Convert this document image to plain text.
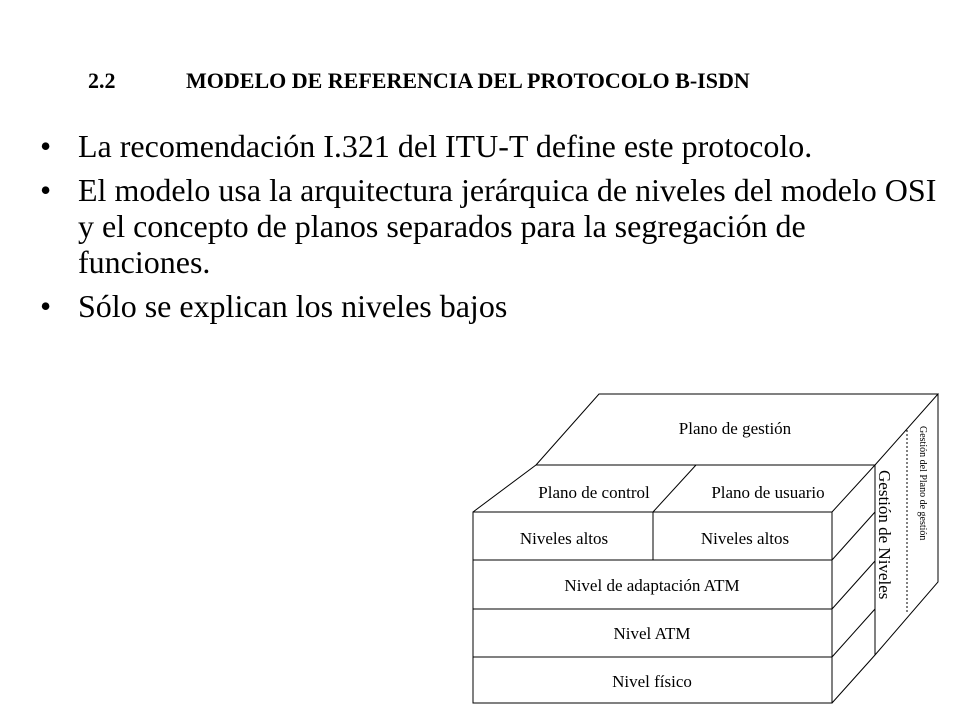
2.2	MODELO DE REFERENCIA DEL PROTOCOLO B-ISDN
• La recomendación I.321 del ITU-T define este protocolo.
• El modelo usa la arquitectura jerárquica de niveles del modelo OSI y el concepto de planos separados para la segregación de funciones.
• Sólo se explican los niveles bajos
Plano de gestión
Plano de control	Plano de usuario
Niveles altos	Niveles altos
Nivel de adaptación ATM
Nivel ATM
Nivel físico
Gestión de Niveles Gestión del Plano de gestión
